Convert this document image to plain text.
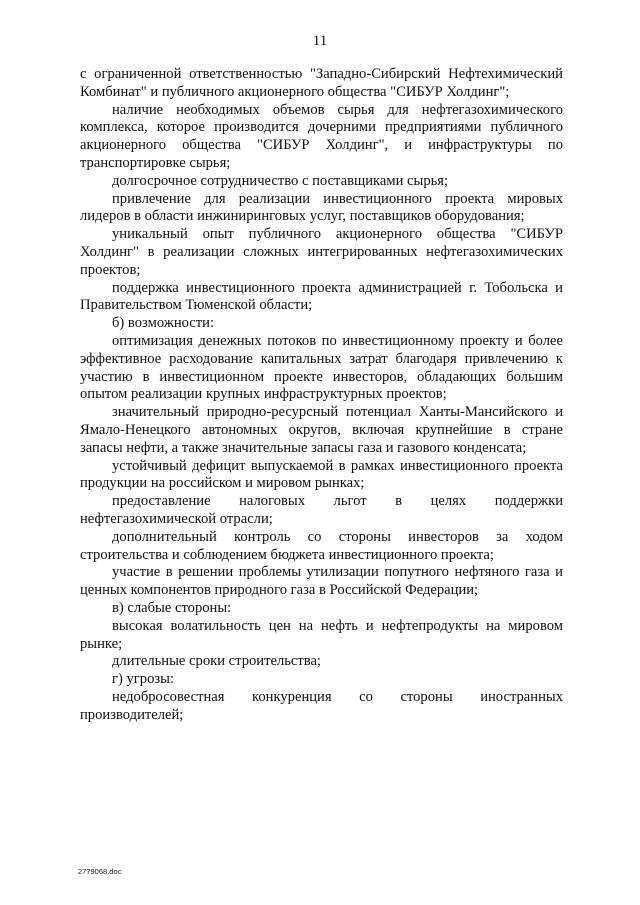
11

с ограниченной ответственностью "Западно-Сибирский Нефтехимический Комбинат" и публичного акционерного общества "СИБУР Холдинг";

наличие необходимых объемов сырья для нефтегазохимического комплекса, которое производится дочерними предприятиями публичного акционерного общества "СИБУР Холдинг", и инфраструктуры по транспортировке сырья;

долгосрочное сотрудничество с поставщиками сырья;

привлечение для реализации инвестиционного проекта мировых лидеров в области инжиниринговых услуг, поставщиков оборудования;

уникальный опыт публичного акционерного общества "СИБУР Холдинг" в реализации сложных интегрированных нефтегазохимических проектов;

поддержка инвестиционного проекта администрацией г. Тобольска и Правительством Тюменской области;

б) возможности:

оптимизация денежных потоков по инвестиционному проекту и более эффективное расходование капитальных затрат благодаря привлечению к участию в инвестиционном проекте инвесторов, обладающих большим опытом реализации крупных инфраструктурных проектов;

значительный природно-ресурсный потенциал Ханты-Мансийского и Ямало-Ненецкого автономных округов, включая крупнейшие в стране запасы нефти, а также значительные запасы газа и газового конденсата;

устойчивый дефицит выпускаемой в рамках инвестиционного проекта продукции на российском и мировом рынках;

предоставление налоговых льгот в целях поддержки нефтегазохимической отрасли;

дополнительный контроль со стороны инвесторов за ходом строительства и соблюдением бюджета инвестиционного проекта;

участие в решении проблемы утилизации попутного нефтяного газа и ценных компонентов природного газа в Российской Федерации;

в) слабые стороны:

высокая волатильность цен на нефть и нефтепродукты на мировом рынке;

длительные сроки строительства;

г) угрозы:

недобросовестная конкуренция со стороны иностранных производителей;

2779068.doc
